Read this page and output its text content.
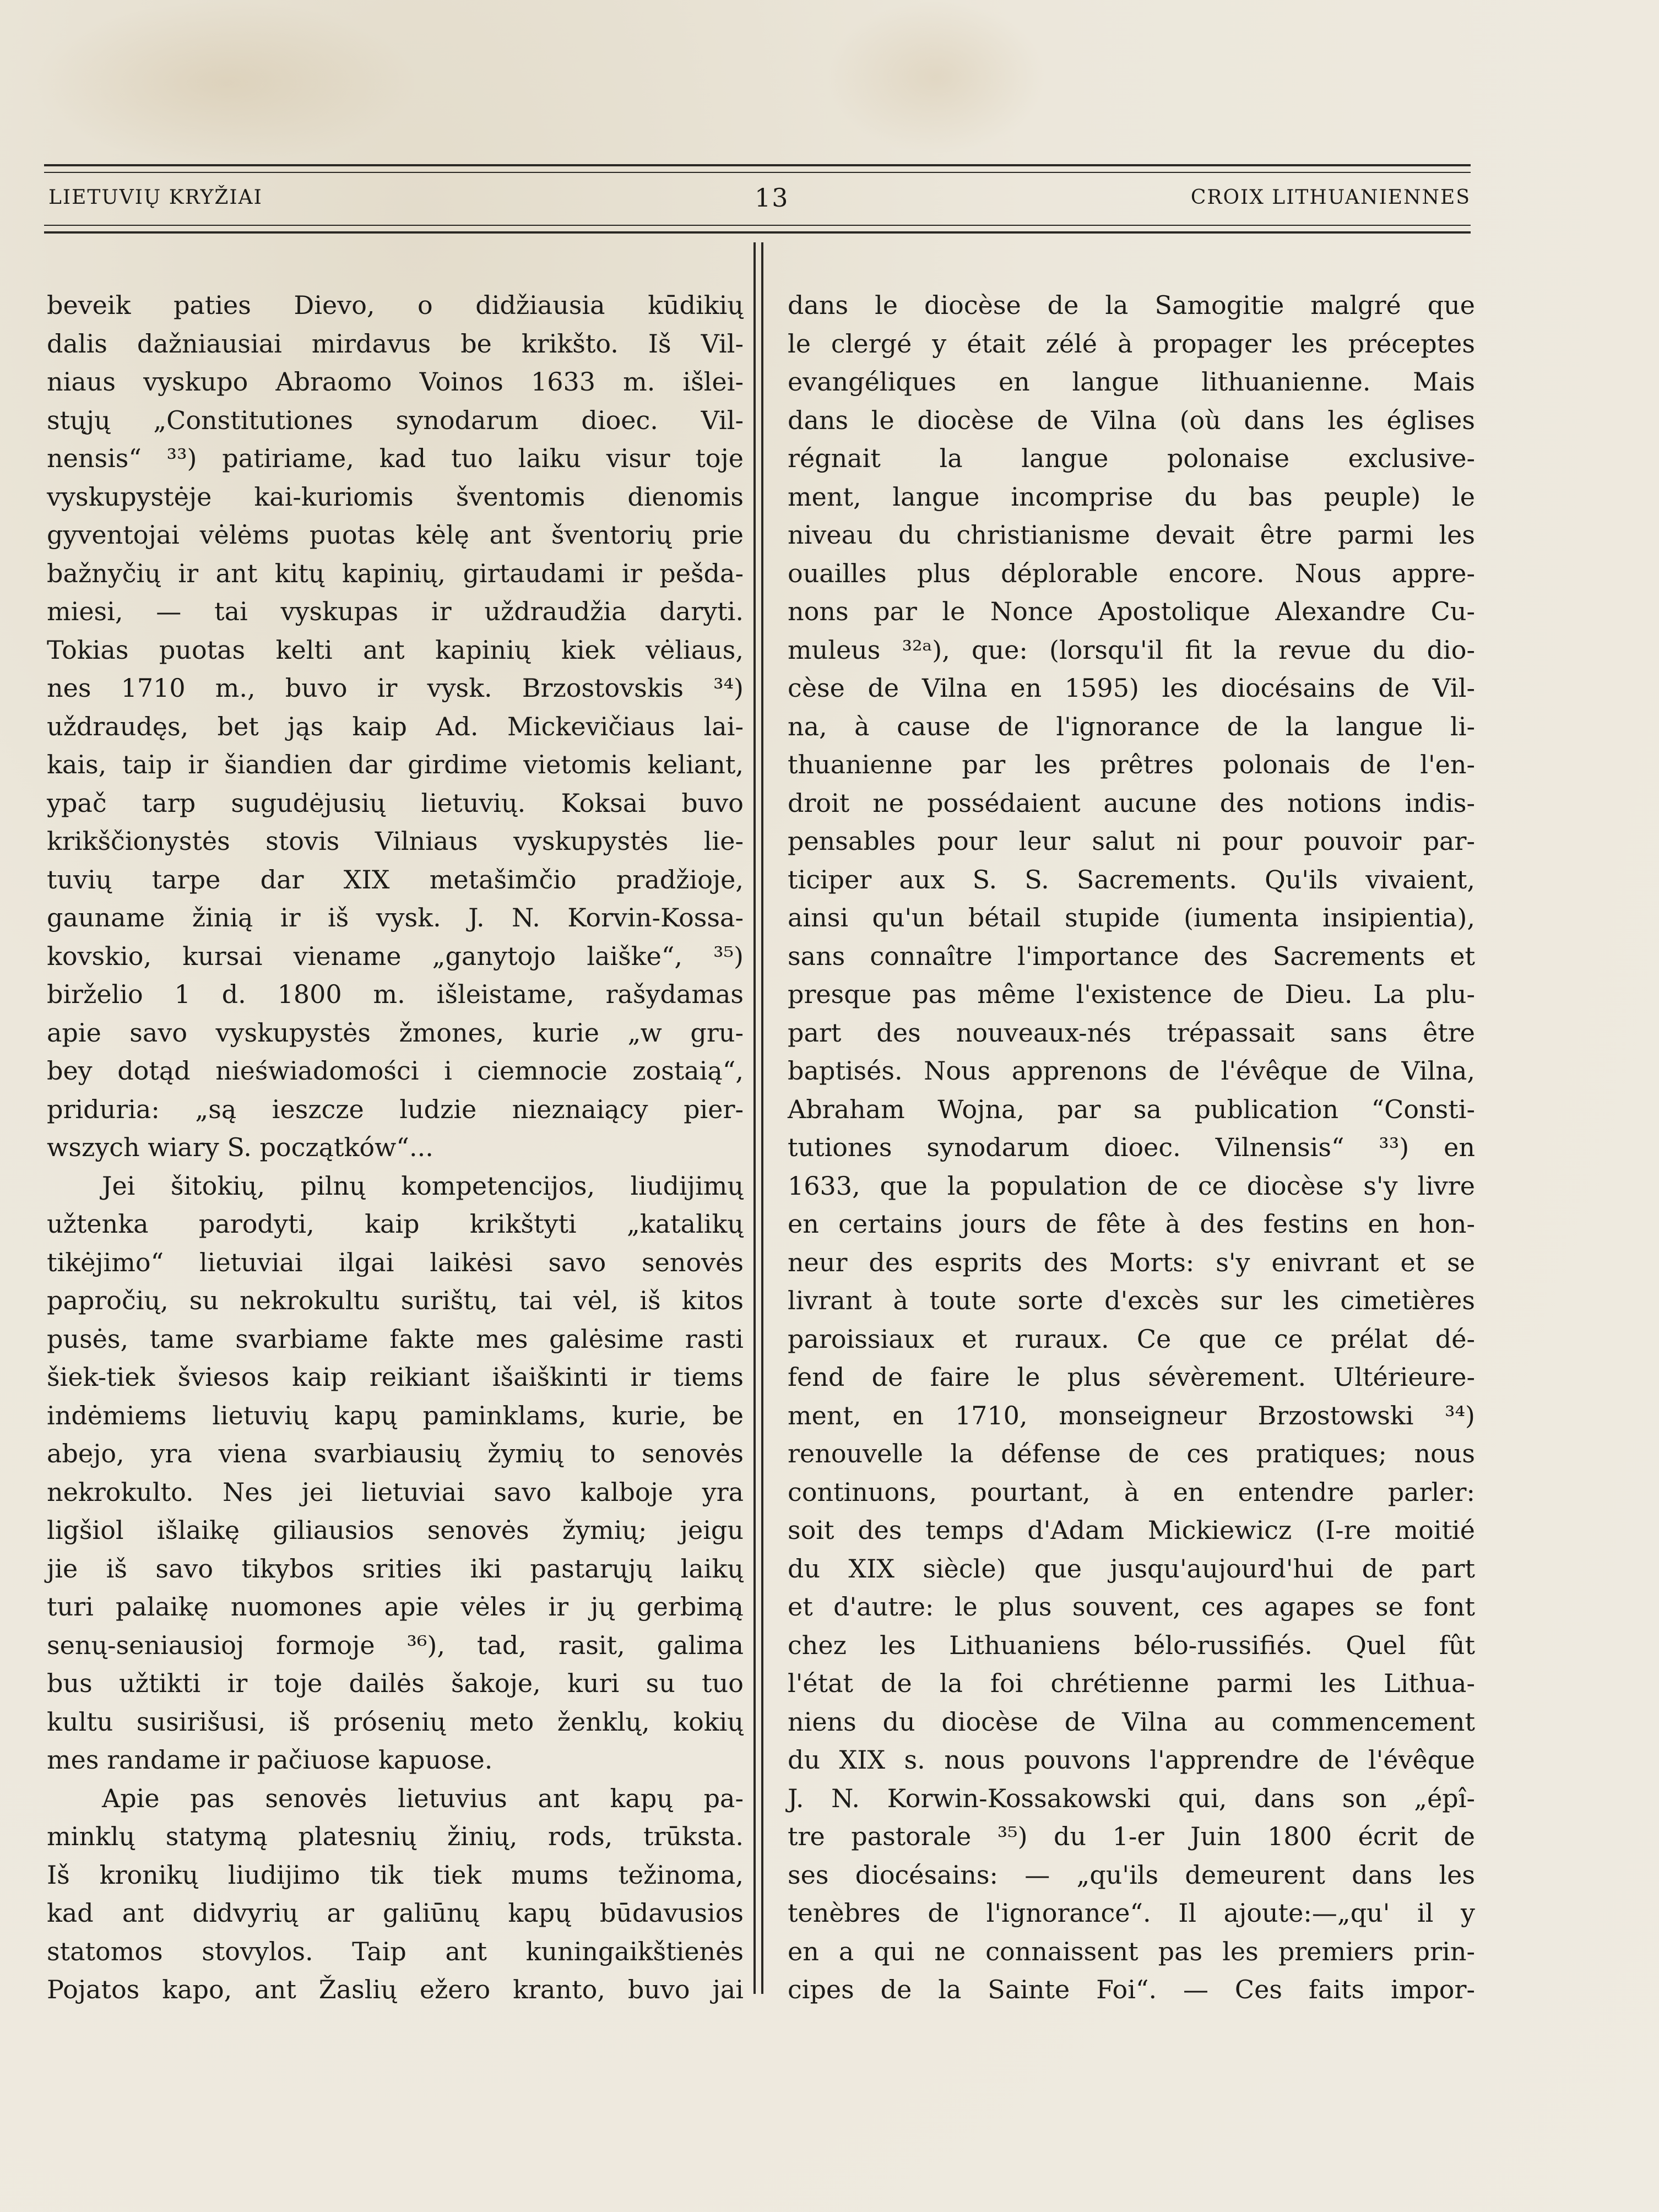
LIETUVIŲ KRYŽIAI	13	CROIX LITHUANIENNES
beveik paties Dievo, o didžiausia kūdikių
dalis dažniausiai mirdavus be krikšto. Iš Vil-
niaus vyskupo Abraomo Voinos 1633 m. išlei-
stųjų „Constitutiones synodarum dioec. Vil-
nensis“ ³³) patiriame, kad tuo laiku visur toje
vyskupystėje kai-kuriomis šventomis dienomis
gyventojai vėlėms puotas kėlę ant šventorių prie
bažnyčių ir ant kitų kapinių, girtaudami ir pešda-
miesi, — tai vyskupas ir uždraudžia daryti.
Tokias puotas kelti ant kapinių kiek vėliaus,
nes 1710 m., buvo ir vysk. Brzostovskis ³⁴)
uždraudęs, bet jąs kaip Ad. Mickevičiaus lai-
kais, taip ir šiandien dar girdime vietomis keliant,
ypač tarp sugudėjusių lietuvių. Koksai buvo
krikščionystės stovis Vilniaus vyskupystės lie-
tuvių tarpe dar XIX metašimčio pradžioje,
gauname žinią ir iš vysk. J. N. Korvin-Kossa-
kovskio, kursai viename „ganytojo laiške“, ³⁵)
birželio 1 d. 1800 m. išleistame, rašydamas
apie savo vyskupystės žmones, kurie „w gru-
bey dotąd nieświadomości i ciemnocie zostaią“,
priduria: „są ieszcze ludzie nieznaiący pier-
wszych wiary S. początków“...
Jei šitokių, pilnų kompetencijos, liudijimų
užtenka parodyti, kaip krikštyti „katalikų
tikėjimo“ lietuviai ilgai laikėsi savo senovės
papročių, su nekrokultu surištų, tai vėl, iš kitos
pusės, tame svarbiame fakte mes galėsime rasti
šiek-tiek šviesos kaip reikiant išaiškinti ir tiems
indėmiems lietuvių kapų paminklams, kurie, be
abejo, yra viena svarbiausių žymių to senovės
nekrokulto. Nes jei lietuviai savo kalboje yra
ligšiol išlaikę giliausios senovės žymių; jeigu
jie iš savo tikybos srities iki pastarųjų laikų
turi palaikę nuomones apie vėles ir jų gerbimą
senų-seniausioj formoje ³⁶), tad, rasit, galima
bus užtikti ir toje dailės šakoje, kuri su tuo
kultu susirišusi, iš prósenių meto ženklų, kokių
mes randame ir pačiuose kapuose.
Apie pas senovės lietuvius ant kapų pa-
minklų statymą platesnių žinių, rods, trūksta.
Iš kronikų liudijimo tik tiek mums težinoma,
kad ant didvyrių ar galiūnų kapų būdavusios
statomos stovylos. Taip ant kuningaikštienės
Pojatos kapo, ant Žaslių ežero kranto, buvo jai
dans le diocèse de la Samogitie malgré que
le clergé y était zélé à propager les préceptes
evangéliques en langue lithuanienne. Mais
dans le diocèse de Vilna (où dans les églises
régnait la langue polonaise exclusive-
ment, langue incomprise du bas peuple) le
niveau du christianisme devait être parmi les
ouailles plus déplorable encore. Nous appre-
nons par le Nonce Apostolique Alexandre Cu-
muleus ³²ᵃ), que: (lorsqu'il fit la revue du dio-
cèse de Vilna en 1595) les diocésains de Vil-
na, à cause de l'ignorance de la langue li-
thuanienne par les prêtres polonais de l'en-
droit ne possédaient aucune des notions indis-
pensables pour leur salut ni pour pouvoir par-
ticiper aux S. S. Sacrements. Qu'ils vivaient,
ainsi qu'un bétail stupide (iumenta insipientia),
sans connaître l'importance des Sacrements et
presque pas même l'existence de Dieu. La plu-
part des nouveaux-nés trépassait sans être
baptisés. Nous apprenons de l'évêque de Vilna,
Abraham Wojna, par sa publication “Consti-
tutiones synodarum dioec. Vilnensis“ ³³) en
1633, que la population de ce diocèse s'y livre
en certains jours de fête à des festins en hon-
neur des esprits des Morts: s'y enivrant et se
livrant à toute sorte d'excès sur les cimetières
paroissiaux et ruraux. Ce que ce prélat dé-
fend de faire le plus sévèrement. Ultérieure-
ment, en 1710, monseigneur Brzostowski ³⁴)
renouvelle la défense de ces pratiques; nous
continuons, pourtant, à en entendre parler:
soit des temps d'Adam Mickiewicz (I-re moitié
du XIX siècle) que jusqu'aujourd'hui de part
et d'autre: le plus souvent, ces agapes se font
chez les Lithuaniens bélo-russifiés. Quel fût
l'état de la foi chrétienne parmi les Lithua-
niens du diocèse de Vilna au commencement
du XIX s. nous pouvons l'apprendre de l'évêque
J. N. Korwin-Kossakowski qui, dans son „épî-
tre pastorale ³⁵) du 1-er Juin 1800 écrit de
ses diocésains: — „qu'ils demeurent dans les
tenèbres de l'ignorance“. Il ajoute:—„qu' il y
en a qui ne connaissent pas les premiers prin-
cipes de la Sainte Foi“. — Ces faits impor-
